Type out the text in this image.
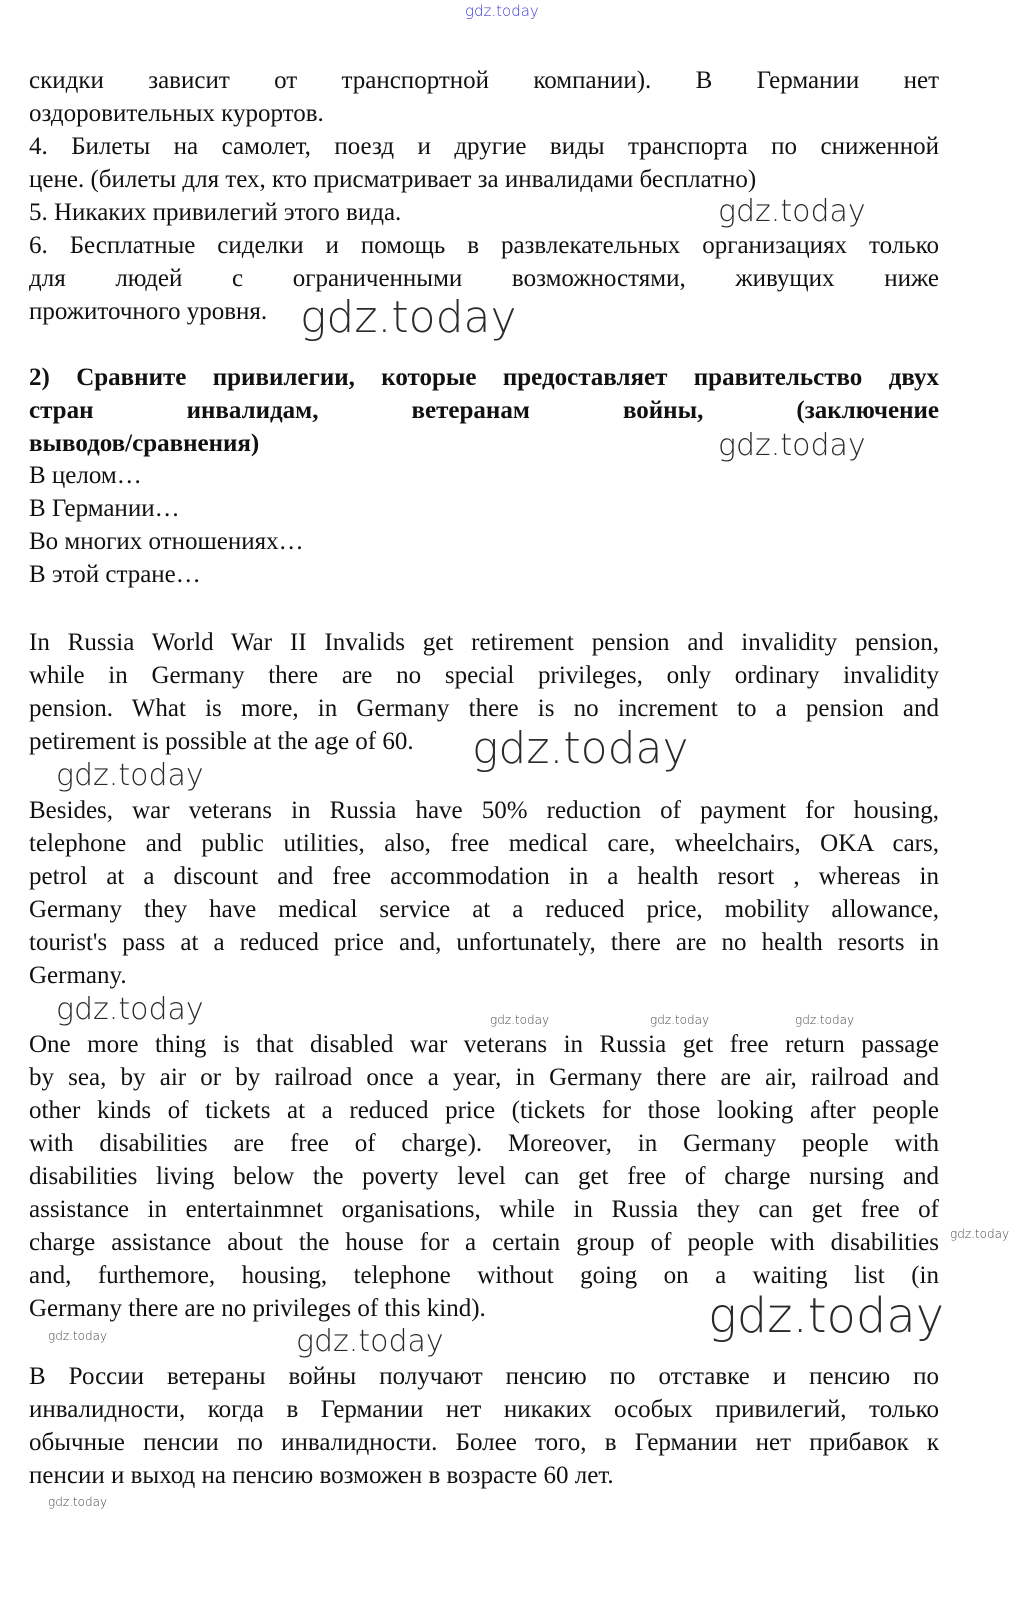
скидки зависит от транспортной компании). В Германии нет
оздоровительных курортов.
4. Билеты на самолет, поезд и другие виды транспорта по сниженной
цене. (билеты для тех, кто присматривает за инвалидами бесплатно)
5. Никаких привилегий этого вида.
6. Бесплатные сиделки и помощь в развлекательных организациях только
для людей с ограниченными возможностями, живущих ниже
прожиточного уровня.
2) Сравните привилегии, которые предоставляет правительство двух
стран инвалидам, ветеранам войны, (заключение
выводов/сравнения)
В целом…
В Германии…
Во многих отношениях…
В этой стране…
In Russia World War II Invalids get retirement pension and invalidity pension,
while in Germany there are no special privileges, only ordinary invalidity
pension. What is more, in Germany there is no increment to a pension and
petirement is possible at the age of 60.
Besides, war veterans in Russia have 50% reduction of payment for housing,
telephone and public utilities, also, free medical care, wheelchairs, OKA cars,
petrol at a discount and free accommodation in a health resort , whereas in
Germany they have medical service at a reduced price, mobility allowance,
tourist's pass at a reduced price and, unfortunately, there are no health resorts in
Germany.
One more thing is that disabled war veterans in Russia get free return passage
by sea, by air or by railroad once a year, in Germany there are air, railroad and
other kinds of tickets at a reduced price (tickets for those looking after people
with disabilities are free of charge). Moreover, in Germany people with
disabilities living below the poverty level can get free of charge nursing and
assistance in entertainmnet organisations, while in Russia they can get free of
charge assistance about the house for a certain group of people with disabilities
and, furthemore, housing, telephone without going on a waiting list (in
Germany there are no privileges of this kind).
В России ветераны войны получают пенсию по отставке и пенсию по
инвалидности, когда в Германии нет никаких особых привилегий, только
обычные пенсии по инвалидности. Более того, в Германии нет прибавок к
пенсии и выход на пенсию возможен в возрасте 60 лет.
gdz.today
gdz.today
gdz.today
gdz.today
gdz.today
gdz.today
gdz.today	gdz.today	gdz.today	gdz.today
gdz.today
gdz.today
gdz.today	gdz.today
gdz.today
